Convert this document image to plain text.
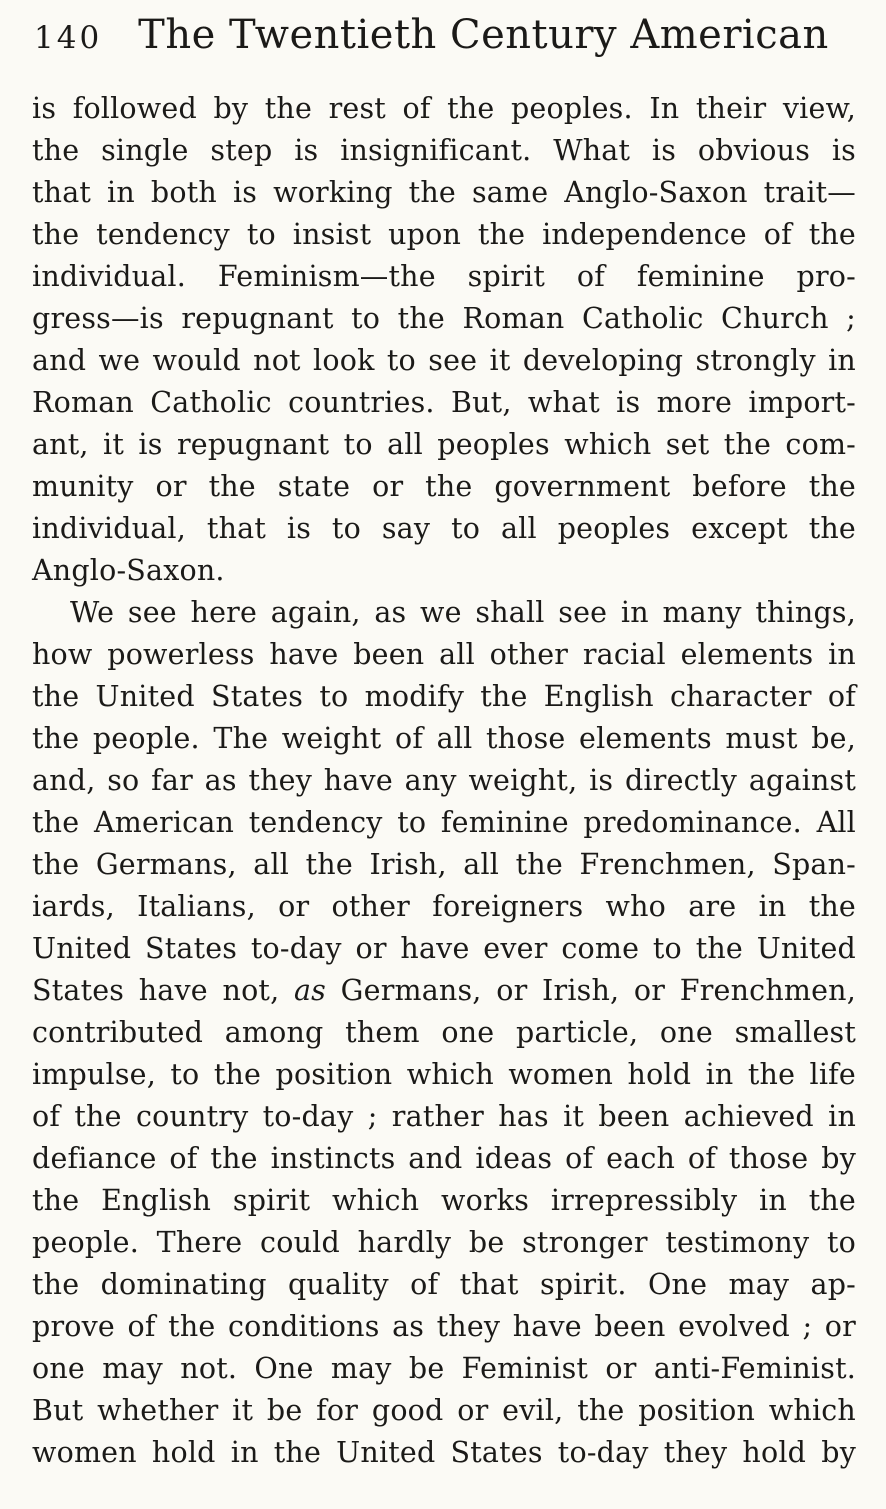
140 The Twentieth Century American
is followed by the rest of the peoples. In their view,
the single step is insignificant. What is obvious is
that in both is working the same Anglo-Saxon trait—
the tendency to insist upon the independence of the
individual. Feminism—the spirit of feminine pro-
gress—is repugnant to the Roman Catholic Church ;
and we would not look to see it developing strongly in
Roman Catholic countries. But, what is more import-
ant, it is repugnant to all peoples which set the com-
munity or the state or the government before the
individual, that is to say to all peoples except the
Anglo-Saxon.
We see here again, as we shall see in many things,
how powerless have been all other racial elements in
the United States to modify the English character of
the people. The weight of all those elements must be,
and, so far as they have any weight, is directly against
the American tendency to feminine predominance. All
the Germans, all the Irish, all the Frenchmen, Span-
iards, Italians, or other foreigners who are in the
United States to-day or have ever come to the United
States have not, as Germans, or Irish, or Frenchmen,
contributed among them one particle, one smallest
impulse, to the position which women hold in the life
of the country to-day ; rather has it been achieved in
defiance of the instincts and ideas of each of those by
the English spirit which works irrepressibly in the
people. There could hardly be stronger testimony to
the dominating quality of that spirit. One may ap-
prove of the conditions as they have been evolved ; or
one may not. One may be Feminist or anti-Feminist.
But whether it be for good or evil, the position which
women hold in the United States to-day they hold by
